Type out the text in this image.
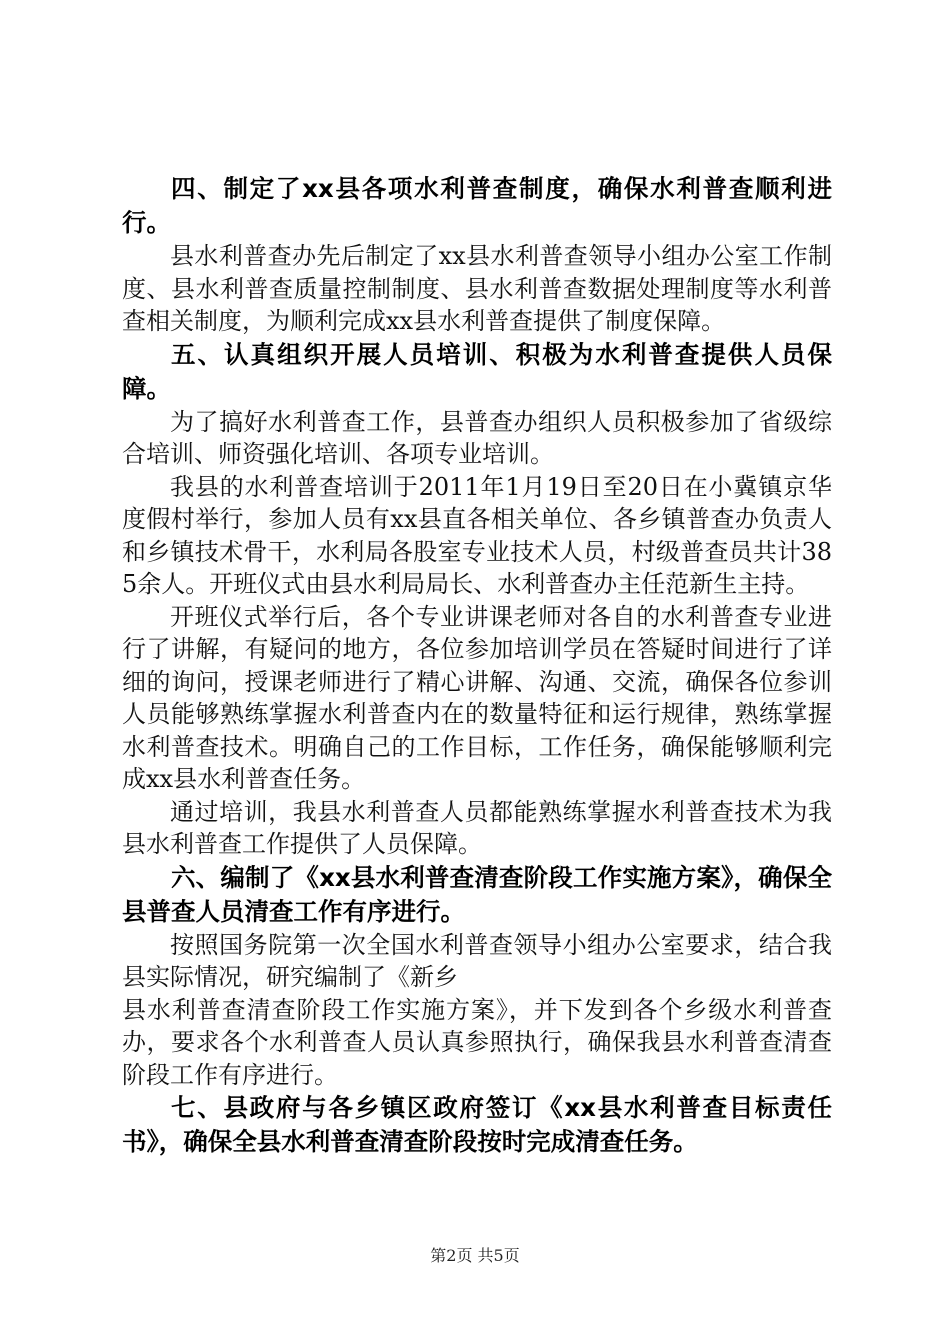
四、制定了xx县各项水利普查制度，确保水利普查顺利进行。

县水利普查办先后制定了xx县水利普查领导小组办公室工作制度、县水利普查质量控制制度、县水利普查数据处理制度等水利普查相关制度，为顺利完成xx县水利普查提供了制度保障。

五、认真组织开展人员培训、积极为水利普查提供人员保障。

为了搞好水利普查工作，县普查办组织人员积极参加了省级综合培训、师资强化培训、各项专业培训。

我县的水利普查培训于2011年1月19日至20日在小冀镇京华度假村举行，参加人员有xx县直各相关单位、各乡镇普查办负责人和乡镇技术骨干，水利局各股室专业技术人员，村级普查员共计385余人。开班仪式由县水利局局长、水利普查办主任范新生主持。

开班仪式举行后，各个专业讲课老师对各自的水利普查专业进行了讲解，有疑问的地方，各位参加培训学员在答疑时间进行了详细的询问，授课老师进行了精心讲解、沟通、交流，确保各位参训人员能够熟练掌握水利普查内在的数量特征和运行规律，熟练掌握水利普查技术。明确自己的工作目标，工作任务，确保能够顺利完成xx县水利普查任务。

通过培训，我县水利普查人员都能熟练掌握水利普查技术为我县水利普查工作提供了人员保障。

六、编制了《xx县水利普查清查阶段工作实施方案》，确保全县普查人员清查工作有序进行。

按照国务院第一次全国水利普查领导小组办公室要求，结合我县实际情况，研究编制了《新乡

县水利普查清查阶段工作实施方案》，并下发到各个乡级水利普查办，要求各个水利普查人员认真参照执行，确保我县水利普查清查阶段工作有序进行。

七、县政府与各乡镇区政府签订《xx县水利普查目标责任书》，确保全县水利普查清查阶段按时完成清查任务。

第2页 共5页
